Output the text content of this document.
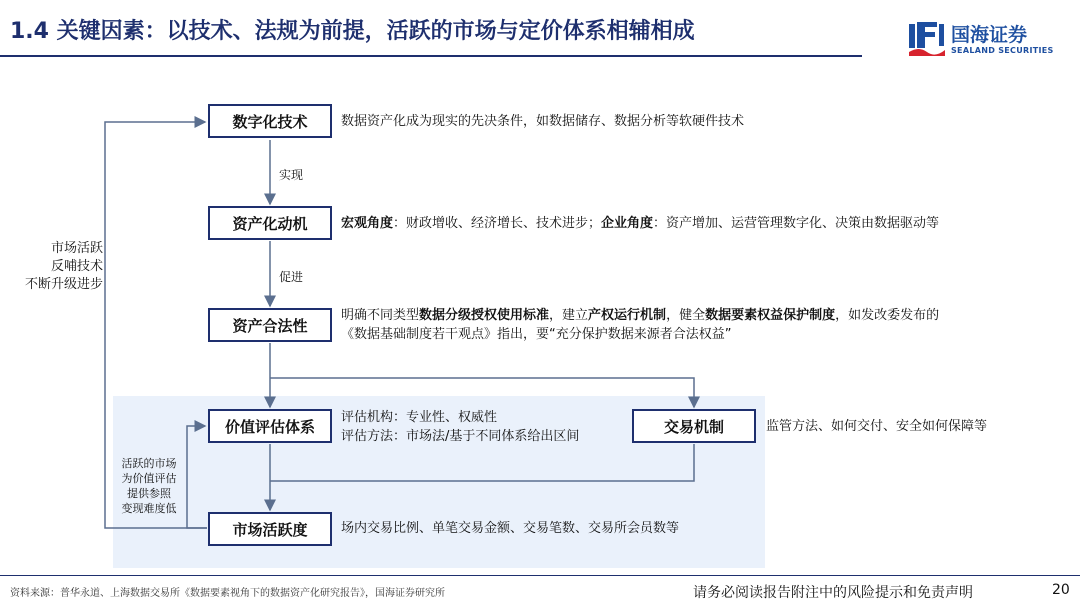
1.4 关键因素：以技术、法规为前提，活跃的市场与定价体系相辅相成	国海证券
SEALAND SECURITIES
数字化技术
资产化动机
资产合法性
价值评估体系	交易机制
市场活跃度
实现
促进
数据资产化成为现实的先决条件，如数据储存、数据分析等软硬件技术
宏观角度：财政增收、经济增长、技术进步；企业角度：资产增加、运营管理数字化、决策由数据驱动等
明确不同类型数据分级授权使用标准，建立产权运行机制，健全数据要素权益保护制度，如发改委发布的
《数据基础制度若干观点》指出，要“充分保护数据来源者合法权益”
评估机构：专业性、权威性
评估方法：市场法/基于不同体系给出区间
监管方法、如何交付、安全如何保障等
场内交易比例、单笔交易金额、交易笔数、交易所会员数等
市场活跃
反哺技术
不断升级进步
活跃的市场
为价值评估
提供参照
变现难度低
资料来源：普华永道、上海数据交易所《数据要素视角下的数据资产化研究报告》，国海证券研究所	请务必阅读报告附注中的风险提示和免责声明	20
